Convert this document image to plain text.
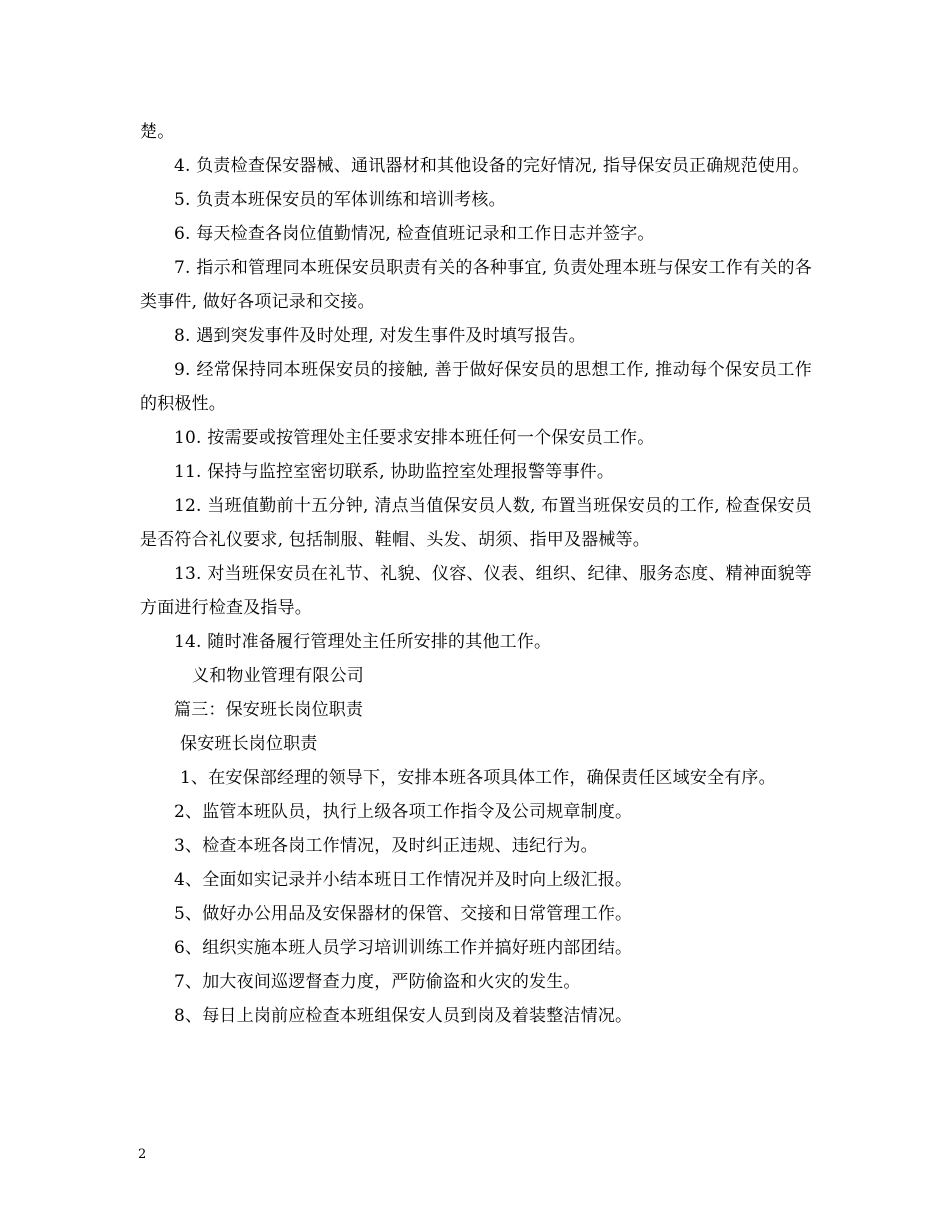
楚。

4. 负责检查保安器械、通讯器材和其他设备的完好情况, 指导保安员正确规范使用。

5. 负责本班保安员的军体训练和培训考核。

6. 每天检查各岗位值勤情况, 检查值班记录和工作日志并签字。

7. 指示和管理同本班保安员职责有关的各种事宜, 负责处理本班与保安工作有关的各类事件, 做好各项记录和交接。

8. 遇到突发事件及时处理, 对发生事件及时填写报告。

9. 经常保持同本班保安员的接触, 善于做好保安员的思想工作, 推动每个保安员工作的积极性。

10. 按需要或按管理处主任要求安排本班任何一个保安员工作。

11. 保持与监控室密切联系, 协助监控室处理报警等事件。

12. 当班值勤前十五分钟, 清点当值保安员人数, 布置当班保安员的工作, 检查保安员是否符合礼仪要求, 包括制服、鞋帽、头发、胡须、指甲及器械等。

13. 对当班保安员在礼节、礼貌、仪容、仪表、组织、纪律、服务态度、精神面貌等方面进行检查及指导。

14. 随时准备履行管理处主任所安排的其他工作。

义和物业管理有限公司

篇三：保安班长岗位职责

保安班长岗位职责

1、在安保部经理的领导下，安排本班各项具体工作，确保责任区域安全有序。

2、监管本班队员，执行上级各项工作指令及公司规章制度。

3、检查本班各岗工作情况，及时纠正违规、违纪行为。

4、全面如实记录并小结本班日工作情况并及时向上级汇报。

5、做好办公用品及安保器材的保管、交接和日常管理工作。

6、组织实施本班人员学习培训训练工作并搞好班内部团结。

7、加大夜间巡逻督查力度，严防偷盗和火灾的发生。

8、每日上岗前应检查本班组保安人员到岗及着装整洁情况。

2
